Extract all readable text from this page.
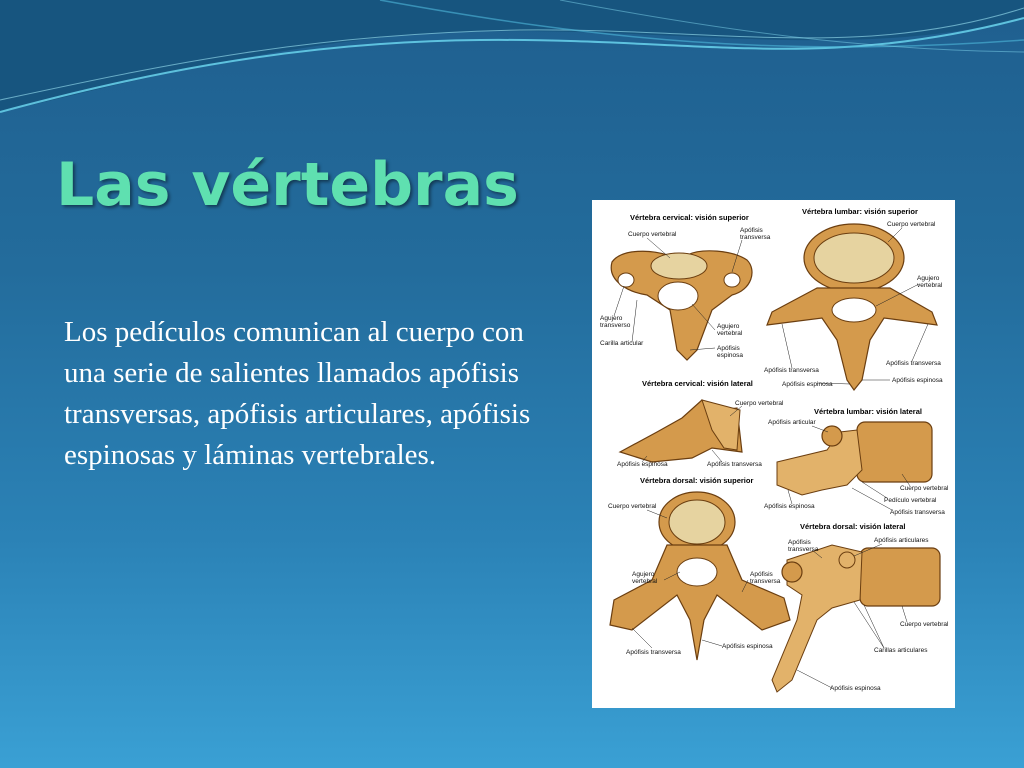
Las vértebras
Los pedículos comunican al cuerpo con una serie de salientes llamados apófisis transversas, apófisis articulares, apófisis espinosas y láminas vertebrales.
Vértebra cervical: visión superior
Cuerpo vertebral
Apófisis
transversa
Agujero
transverso
Carilla articular
Agujero
vertebral
Apófisis
espinosa
Vértebra lumbar: visión superior
Cuerpo vertebral
Agujero
vertebral
Apófisis transversa
Apófisis transversa
Apófisis espinosa
Apófisis espinosa
Vértebra cervical: visión lateral
Cuerpo vertebral
Apófisis espinosa	Apófisis transversa
Vértebra lumbar: visión lateral
Apófisis articular
Cuerpo vertebral
Pedículo vertebral
Apófisis espinosa
Apófisis transversa
Vértebra dorsal: visión superior
Cuerpo vertebral
Agujero
vertebral
Apófisis
transversa
Apófisis transversa
Apófisis espinosa
Vértebra dorsal: visión lateral
Apófisis
transversa
Apófisis articulares
Cuerpo vertebral
Carillas articulares
Apófisis espinosa
